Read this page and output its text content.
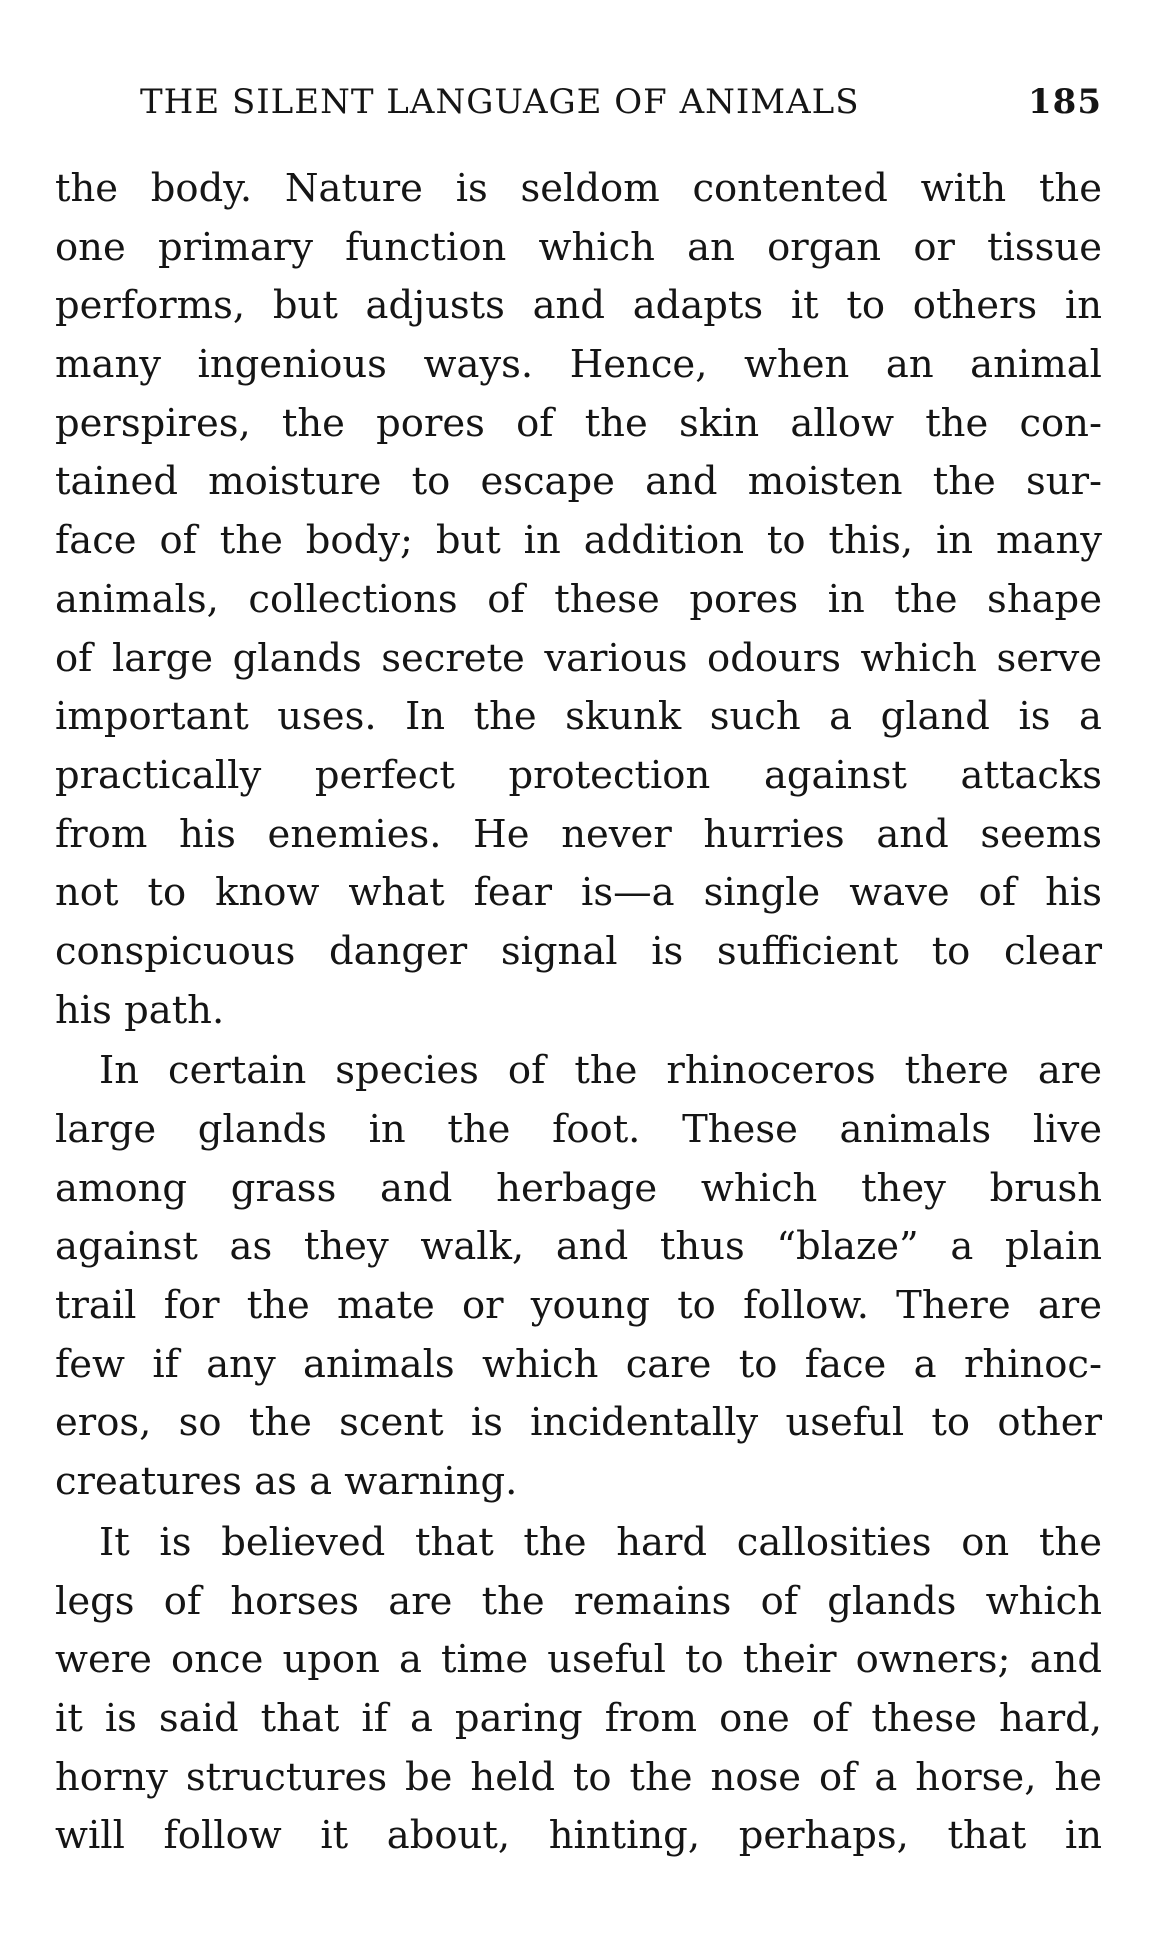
THE SILENT LANGUAGE OF ANIMALS	185
the body. Nature is seldom contented with the
one primary function which an organ or tissue
performs, but adjusts and adapts it to others in
many ingenious ways. Hence, when an animal
perspires, the pores of the skin allow the con-
tained moisture to escape and moisten the sur-
face of the body; but in addition to this, in many
animals, collections of these pores in the shape
of large glands secrete various odours which serve
important uses. In the skunk such a gland is a
practically perfect protection against attacks
from his enemies. He never hurries and seems
not to know what fear is—a single wave of his
conspicuous danger signal is sufficient to clear
his path.
In certain species of the rhinoceros there are
large glands in the foot. These animals live
among grass and herbage which they brush
against as they walk, and thus “blaze” a plain
trail for the mate or young to follow. There are
few if any animals which care to face a rhinoc-
eros, so the scent is incidentally useful to other
creatures as a warning.
It is believed that the hard callosities on the
legs of horses are the remains of glands which
were once upon a time useful to their owners; and
it is said that if a paring from one of these hard,
horny structures be held to the nose of a horse, he
will follow it about, hinting, perhaps, that in
